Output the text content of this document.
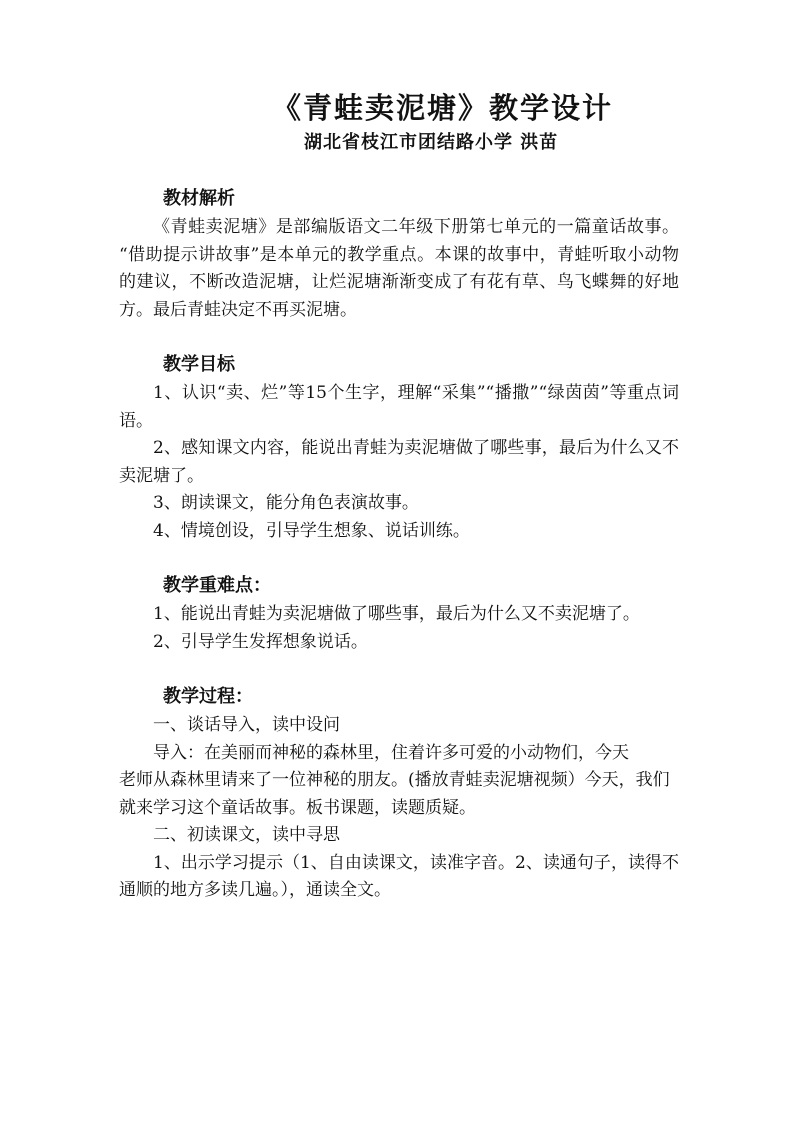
《青蛙卖泥塘》教学设计
湖北省枝江市团结路小学 洪苗
教材解析

《青蛙卖泥塘》是部编版语文二年级下册第七单元的一篇童话故事。 “借助提示讲故事”是本单元的教学重点。本课的故事中，青蛙听取小动物的建议，不断改造泥塘，让烂泥塘渐渐变成了有花有草、鸟飞蝶舞的好地方。最后青蛙决定不再买泥塘。

教学目标

1、认识“卖、烂”等15个生字，理解“采集”“播撒”“绿茵茵”等重点词语。

2、感知课文内容，能说出青蛙为卖泥塘做了哪些事，最后为什么又不卖泥塘了。

3、朗读课文，能分角色表演故事。

4、情境创设，引导学生想象、说话训练。

教学重难点：

1、能说出青蛙为卖泥塘做了哪些事，最后为什么又不卖泥塘了。

2、引导学生发挥想象说话。

教学过程：

一、谈话导入，读中设问

导入：在美丽而神秘的森林里，住着许多可爱的小动物们，今天

老师从森林里请来了一位神秘的朋友。(播放青蛙卖泥塘视频）今天，我们就来学习这个童话故事。板书课题，读题质疑。

二、初读课文，读中寻思

1、出示学习提示（1、自由读课文，读准字音。2、读通句子，读得不通顺的地方多读几遍。），通读全文。
